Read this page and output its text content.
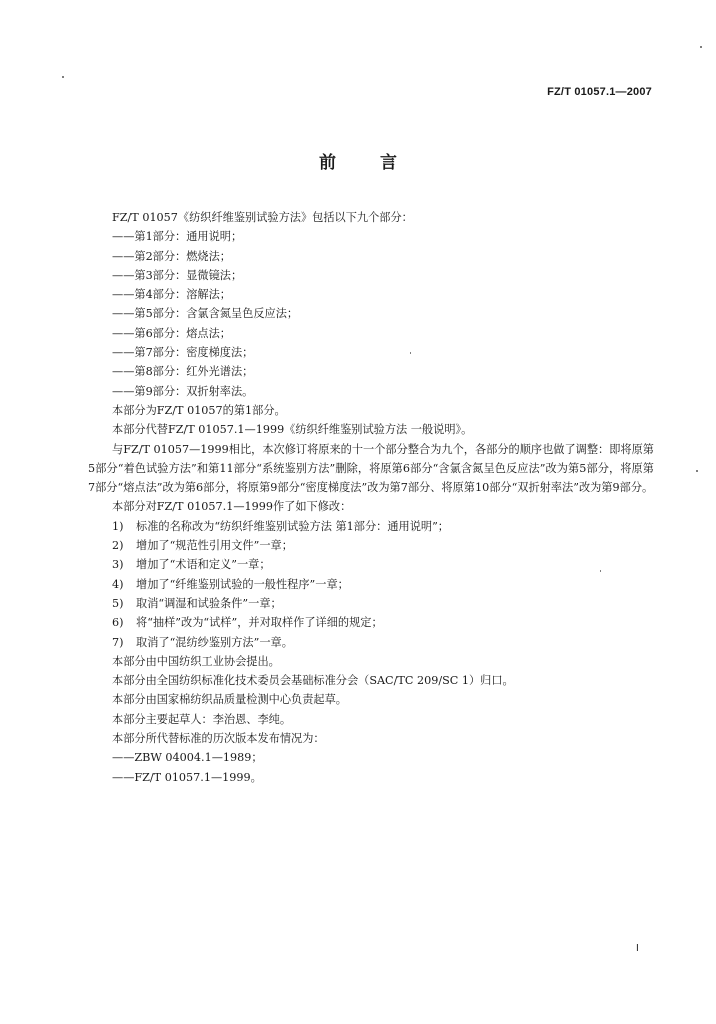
FZ/T 01057.1—2007
前	言

FZ/T 01057《纺织纤维鉴别试验方法》包括以下九个部分：

——第1部分：通用说明；

——第2部分：燃烧法；

——第3部分：显微镜法；

——第4部分：溶解法；

——第5部分：含氯含氮呈色反应法；

——第6部分：熔点法；

——第7部分：密度梯度法；

——第8部分：红外光谱法；

——第9部分：双折射率法。

本部分为FZ/T 01057的第1部分。

本部分代替FZ/T 01057.1—1999《纺织纤维鉴别试验方法 一般说明》。

与FZ/T 01057—1999相比，本次修订将原来的十一个部分整合为九个，各部分的顺序也做了调整：即将原第5部分“着色试验方法”和第11部分“系统鉴别方法”删除，将原第6部分“含氯含氮呈色反应法”改为第5部分，将原第7部分“熔点法”改为第6部分，将原第9部分“密度梯度法”改为第7部分、将原第10部分“双折射率法”改为第9部分。

本部分对FZ/T 01057.1—1999作了如下修改：

1) 标准的名称改为“纺织纤维鉴别试验方法 第1部分：通用说明”；

2) 增加了“规范性引用文件”一章；

3) 增加了“术语和定义”一章；

4) 增加了“纤维鉴别试验的一般性程序”一章；

5) 取消“调湿和试验条件”一章；

6) 将“抽样”改为“试样”，并对取样作了详细的规定；

7) 取消了“混纺纱鉴别方法”一章。

本部分由中国纺织工业协会提出。

本部分由全国纺织标准化技术委员会基础标准分会（SAC/TC 209/SC 1）归口。

本部分由国家棉纺织品质量检测中心负责起草。

本部分主要起草人：李治恩、李纯。

本部分所代替标准的历次版本发布情况为：

——ZBW 04004.1—1989；

——FZ/T 01057.1—1999。

I
